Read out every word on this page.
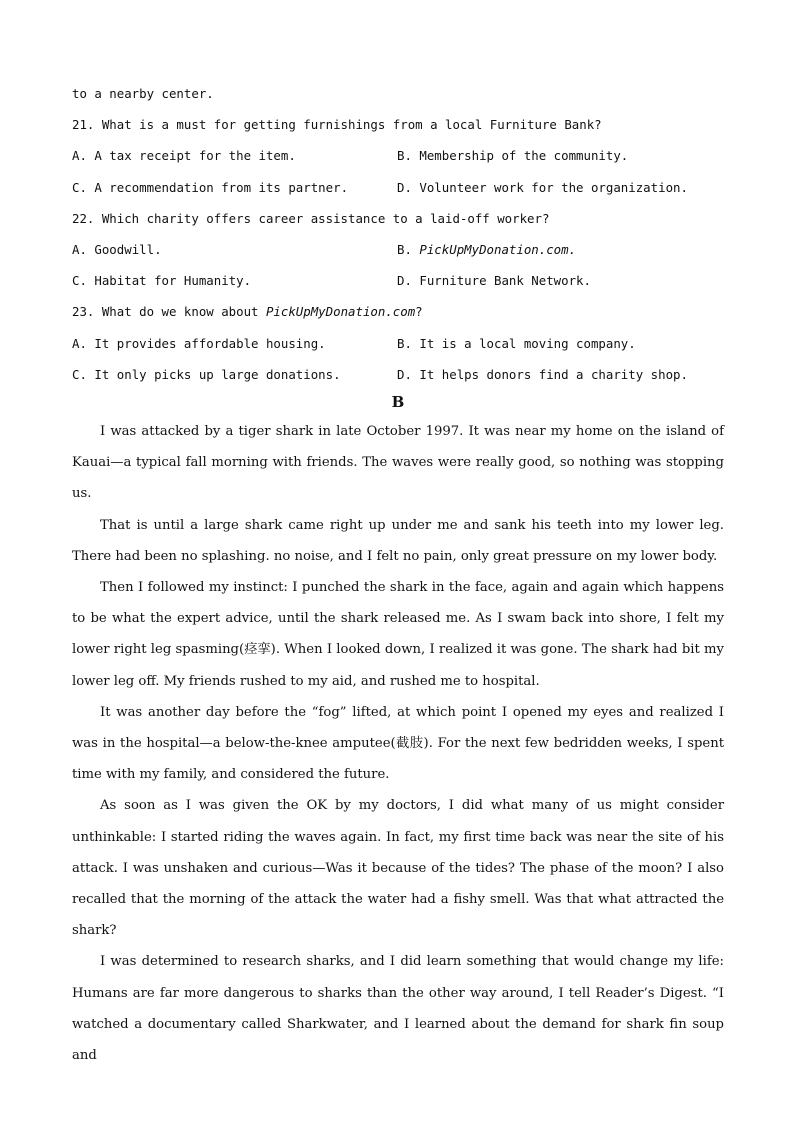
to a nearby center.
21. What is a must for getting furnishings from a local Furniture Bank?
A. A tax receipt for the item.	B. Membership of the community.
C. A recommendation from its partner.	D. Volunteer work for the organization.
22. Which charity offers career assistance to a laid-off worker?
A. Goodwill.	B. PickUpMyDonation.com.
C. Habitat for Humanity.	D. Furniture Bank Network.
23. What do we know about PickUpMyDonation.com?
A. It provides affordable housing.	B. It is a local moving company.
C. It only picks up large donations.	D. It helps donors find a charity shop.
B

I was attacked by a tiger shark in late October 1997. It was near my home on the island of Kauai—a typical fall morning with friends. The waves were really good, so nothing was stopping us.

That is until a large shark came right up under me and sank his teeth into my lower leg. There had been no splashing. no noise, and I felt no pain, only great pressure on my lower body.

Then I followed my instinct: I punched the shark in the face, again and again which happens to be what the expert advice, until the shark released me. As I swam back into shore, I felt my lower right leg spasming(痉挛). When I looked down, I realized it was gone. The shark had bit my lower leg off. My friends rushed to my aid, and rushed me to hospital.

It was another day before the “fog” lifted, at which point I opened my eyes and realized I was in the hospital—a below-the-knee amputee(截肢). For the next few bedridden weeks, I spent time with my family, and considered the future.

As soon as I was given the OK by my doctors, I did what many of us might consider unthinkable: I started riding the waves again. In fact, my first time back was near the site of his attack. I was unshaken and curious—Was it because of the tides? The phase of the moon? I also recalled that the morning of the attack the water had a fishy smell. Was that what attracted the shark?

I was determined to research sharks, and I did learn something that would change my life: Humans are far more dangerous to sharks than the other way around, I tell Reader’s Digest. “I watched a documentary called Sharkwater, and I learned about the demand for shark fin soup and
